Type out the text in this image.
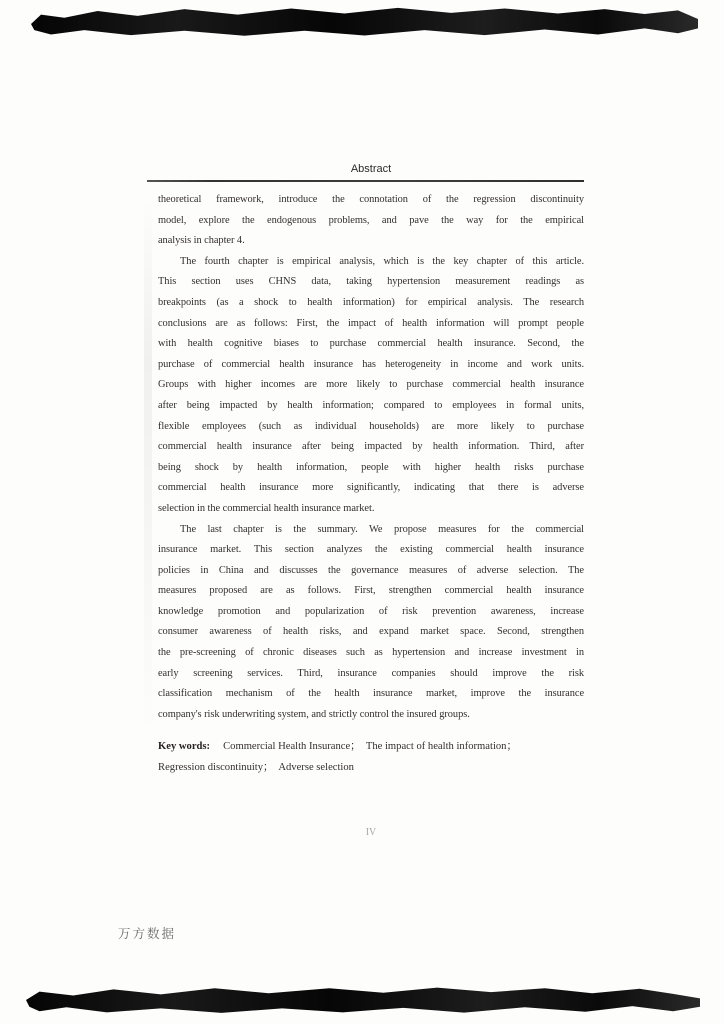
Abstract
theoretical framework, introduce the connotation of the regression discontinuity
model, explore the endogenous problems, and pave the way for the empirical
analysis in chapter 4.
The fourth chapter is empirical analysis, which is the key chapter of this article.
This section uses CHNS data, taking hypertension measurement readings as
breakpoints (as a shock to health information) for empirical analysis. The research
conclusions are as follows: First, the impact of health information will prompt people
with health cognitive biases to purchase commercial health insurance. Second, the
purchase of commercial health insurance has heterogeneity in income and work units.
Groups with higher incomes are more likely to purchase commercial health insurance
after being impacted by health information; compared to employees in formal units,
flexible employees (such as individual households) are more likely to purchase
commercial health insurance after being impacted by health information. Third, after
being shock by health information, people with higher health risks purchase
commercial health insurance more significantly, indicating that there is adverse
selection in the commercial health insurance market.
The last chapter is the summary. We propose measures for the commercial
insurance market. This section analyzes the existing commercial health insurance
policies in China and discusses the governance measures of adverse selection. The
measures proposed are as follows. First, strengthen commercial health insurance
knowledge promotion and popularization of risk prevention awareness, increase
consumer awareness of health risks, and expand market space. Second, strengthen
the pre-screening of chronic diseases such as hypertension and increase investment in
early screening services. Third, insurance companies should improve the risk
classification mechanism of the health insurance market, improve the insurance
company's risk underwriting system, and strictly control the insured groups.
Key words: Commercial Health Insurance；  The impact of health information；
Regression discontinuity；  Adverse selection
IV
万方数据
